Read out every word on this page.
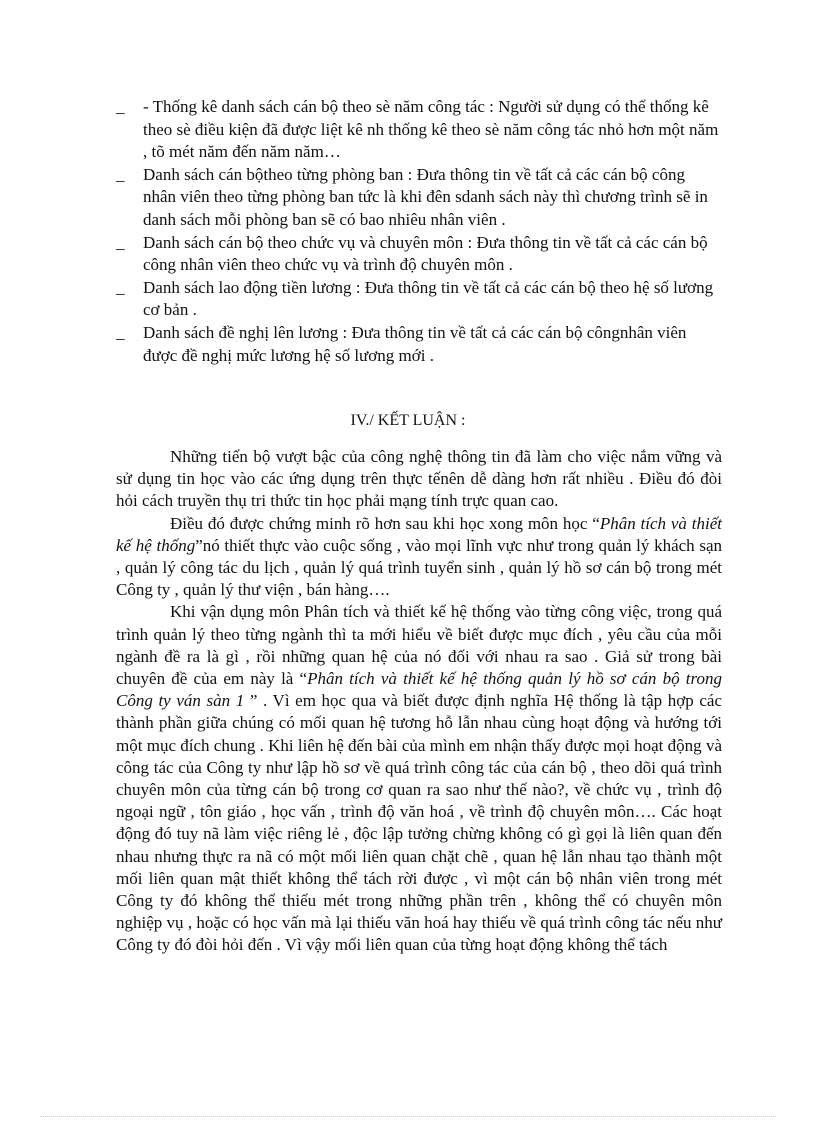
_	- Thống kê danh sách cán bộ theo sè năm công tác : Người sử dụng có thể thống kê theo sè điều kiện đã được liệt kê nh thống kê theo sè năm công tác nhỏ hơn một năm , tõ mét năm đến năm năm…
_	Danh sách cán bộtheo từng phòng ban : Đưa thông tin về tất cả các cán bộ công nhân viên theo từng phòng ban tức là khi đên sdanh sách này thì chương trình sẽ in danh sách mỗi phòng ban sẽ có bao nhiêu nhân viên .
_	Danh sách cán bộ theo chức vụ và chuyên môn : Đưa thông tin về tất cả các cán bộ công nhân viên theo chức vụ và trình độ chuyên môn .
_	Danh sách lao động tiền lương : Đưa thông tin về tất cả các cán bộ theo hệ số lương cơ bản .
_	Danh sách đề nghị lên lương : Đưa thông tin về tất cả các cán bộ côngnhân viên được đề nghị mức lương hệ số lương mới .
IV./ KẾT LUẬN :

Những tiến bộ vượt bậc của công nghệ thông tin đã làm cho việc nắm vững và sử dụng tin học vào các ứng dụng trên thực tếnên dễ dàng hơn rất nhiều . Điều đó đòi hỏi cách truyền thụ tri thức tin học phải mạng tính trực quan cao.

Điều đó được chứng minh rõ hơn sau khi học xong môn học “Phân tích và thiết kế hệ thống”nó thiết thực vào cuộc sống , vào mọi lĩnh vực như trong quản lý khách sạn , quản lý công tác du lịch , quản lý quá trình tuyển sinh , quản lý hồ sơ cán bộ trong mét Công ty , quản lý thư viện , bán hàng….

Khi vận dụng môn Phân tích và thiết kế hệ thống vào từng công việc, trong quá trình quản lý theo từng ngành thì ta mới hiểu về biết được mục đích , yêu cầu của mỗi ngành đề ra là gì , rồi những quan hệ của nó đối với nhau ra sao . Giả sử trong bài chuyên đề của em này là “Phân tích và thiết kế hệ thống quản lý hồ sơ cán bộ trong Công ty ván sàn 1 ” . Vì em học qua và biết được định nghĩa Hệ thống là tập hợp các thành phần giữa chúng có mối quan hệ tương hỗ lẫn nhau cùng hoạt động và hướng tới một mục đích chung . Khi liên hệ đến bài của mình em nhận thấy được mọi hoạt động và công tác của Công ty như lập hồ sơ về quá trình công tác của cán bộ , theo dõi quá trình chuyên môn của từng cán bộ trong cơ quan ra sao như thế nào?, về chức vụ , trình độ ngoại ngữ , tôn giáo , học vấn , trình độ văn hoá , về trình độ chuyên môn…. Các hoạt động đó tuy nã làm việc riêng lẻ , độc lập tưởng chừng không có gì gọi là liên quan đến nhau nhưng thực ra nã có một mối liên quan chặt chẽ , quan hệ lẫn nhau tạo thành một mối liên quan mật thiết không thể tách rời được , vì một cán bộ nhân viên trong mét Công ty đó không thể thiếu mét trong những phần trên , không thể có chuyên môn nghiệp vụ , hoặc có học vấn mà lại thiếu văn hoá hay thiếu về quá trình công tác nếu như Công ty đó đòi hỏi đến . Vì vậy mối liên quan của từng hoạt động không thể tách
